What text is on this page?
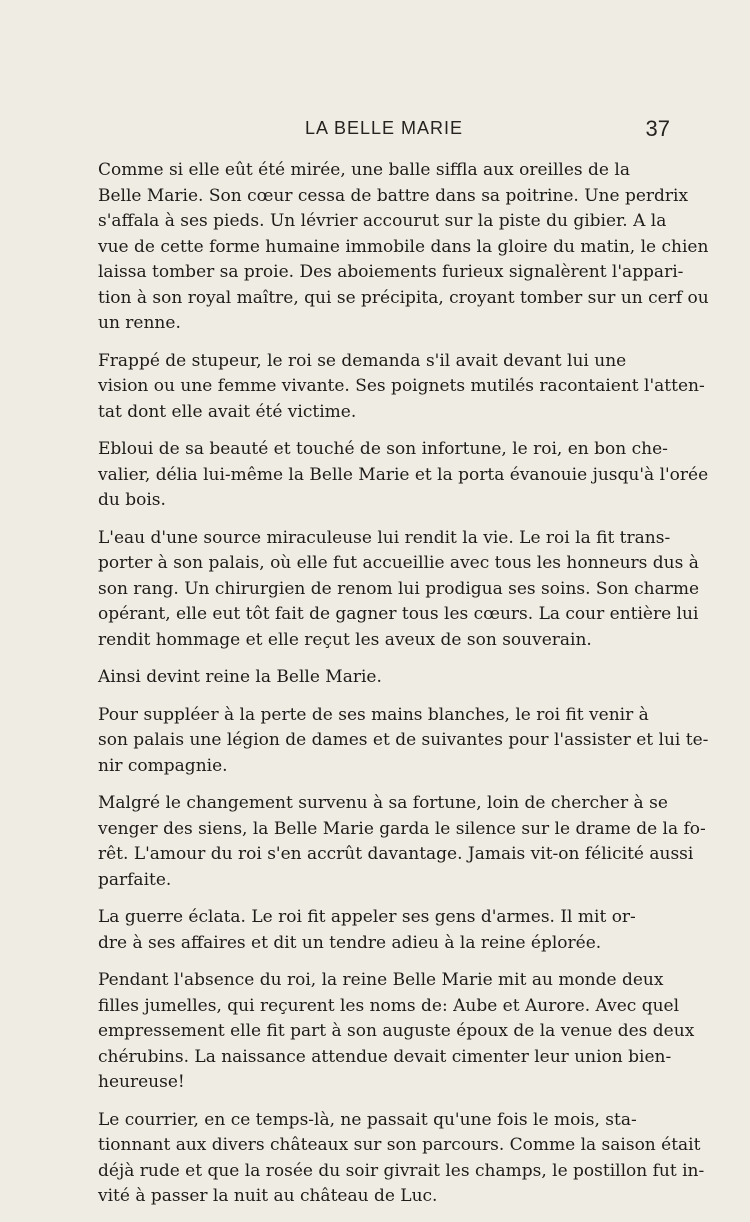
LA BELLE MARIE	37
Comme si elle eût été mirée, une balle siffla aux oreilles de la
Belle Marie. Son cœur cessa de battre dans sa poitrine. Une perdrix
s'affala à ses pieds. Un lévrier accourut sur la piste du gibier. A la
vue de cette forme humaine immobile dans la gloire du matin, le chien
laissa tomber sa proie. Des aboiements furieux signalèrent l'appari-
tion à son royal maître, qui se précipita, croyant tomber sur un cerf ou
un renne.
Frappé de stupeur, le roi se demanda s'il avait devant lui une
vision ou une femme vivante. Ses poignets mutilés racontaient l'atten-
tat dont elle avait été victime.
Ebloui de sa beauté et touché de son infortune, le roi, en bon che-
valier, délia lui-même la Belle Marie et la porta évanouie jusqu'à l'orée
du bois.
L'eau d'une source miraculeuse lui rendit la vie. Le roi la fit trans-
porter à son palais, où elle fut accueillie avec tous les honneurs dus à
son rang. Un chirurgien de renom lui prodigua ses soins. Son charme
opérant, elle eut tôt fait de gagner tous les cœurs. La cour entière lui
rendit hommage et elle reçut les aveux de son souverain.
Ainsi devint reine la Belle Marie.
Pour suppléer à la perte de ses mains blanches, le roi fit venir à
son palais une légion de dames et de suivantes pour l'assister et lui te-
nir compagnie.
Malgré le changement survenu à sa fortune, loin de chercher à se
venger des siens, la Belle Marie garda le silence sur le drame de la fo-
rêt. L'amour du roi s'en accrût davantage. Jamais vit-on félicité aussi
parfaite.
La guerre éclata. Le roi fit appeler ses gens d'armes. Il mit or-
dre à ses affaires et dit un tendre adieu à la reine éplorée.
Pendant l'absence du roi, la reine Belle Marie mit au monde deux
filles jumelles, qui reçurent les noms de: Aube et Aurore. Avec quel
empressement elle fit part à son auguste époux de la venue des deux
chérubins. La naissance attendue devait cimenter leur union bien-
heureuse!
Le courrier, en ce temps-là, ne passait qu'une fois le mois, sta-
tionnant aux divers châteaux sur son parcours. Comme la saison était
déjà rude et que la rosée du soir givrait les champs, le postillon fut in-
vité à passer la nuit au château de Luc.
